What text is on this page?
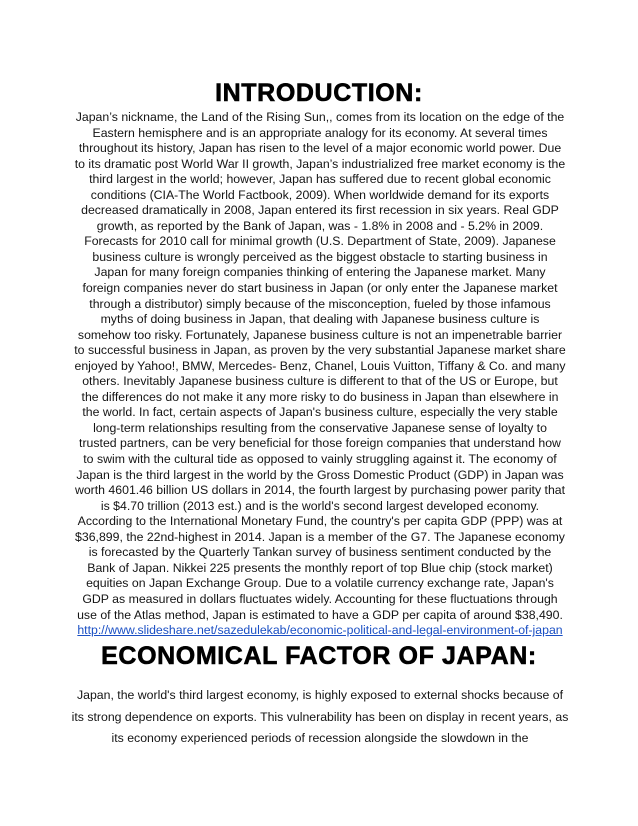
INTRODUCTION:
Japan’s nickname, the Land of the Rising Sun,, comes from its location on the edge of the Eastern hemisphere and is an appropriate analogy for its economy. At several times throughout its history, Japan has risen to the level of a major economic world power. Due to its dramatic post World War II growth, Japan’s industrialized free market economy is the third largest in the world; however, Japan has suffered due to recent global economic conditions (CIA-The World Factbook, 2009). When worldwide demand for its exports decreased dramatically in 2008, Japan entered its first recession in six years. Real GDP growth, as reported by the Bank of Japan, was - 1.8% in 2008 and - 5.2% in 2009. Forecasts for 2010 call for minimal growth (U.S. Department of State, 2009). Japanese business culture is wrongly perceived as the biggest obstacle to starting business in Japan for many foreign companies thinking of entering the Japanese market. Many foreign companies never do start business in Japan (or only enter the Japanese market through a distributor) simply because of the misconception, fueled by those infamous myths of doing business in Japan, that dealing with Japanese business culture is somehow too risky. Fortunately, Japanese business culture is not an impenetrable barrier to successful business in Japan, as proven by the very substantial Japanese market share enjoyed by Yahoo!, BMW, Mercedes- Benz, Chanel, Louis Vuitton, Tiffany & Co. and many others. Inevitably Japanese business culture is different to that of the US or Europe, but the differences do not make it any more risky to do business in Japan than elsewhere in the world. In fact, certain aspects of Japan's business culture, especially the very stable long-term relationships resulting from the conservative Japanese sense of loyalty to trusted partners, can be very beneficial for those foreign companies that understand how to swim with the cultural tide as opposed to vainly struggling against it. The economy of Japan is the third largest in the world by the Gross Domestic Product (GDP) in Japan was worth 4601.46 billion US dollars in 2014, the fourth largest by purchasing power parity that is $4.70 trillion (2013 est.) and is the world's second largest developed economy. According to the International Monetary Fund, the country's per capita GDP (PPP) was at $36,899, the 22nd-highest in 2014. Japan is a member of the G7. The Japanese economy is forecasted by the Quarterly Tankan survey of business sentiment conducted by the Bank of Japan. Nikkei 225 presents the monthly report of top Blue chip (stock market) equities on Japan Exchange Group. Due to a volatile currency exchange rate, Japan's GDP as measured in dollars fluctuates widely. Accounting for these fluctuations through use of the Atlas method, Japan is estimated to have a GDP per capita of around $38,490.
http://www.slideshare.net/sazedulekab/economic-political-and-legal-environment-of-japan
ECONOMICAL FACTOR OF JAPAN:

Japan, the world's third largest economy, is highly exposed to external shocks because of its strong dependence on exports. This vulnerability has been on display in recent years, as its economy experienced periods of recession alongside the slowdown in the
